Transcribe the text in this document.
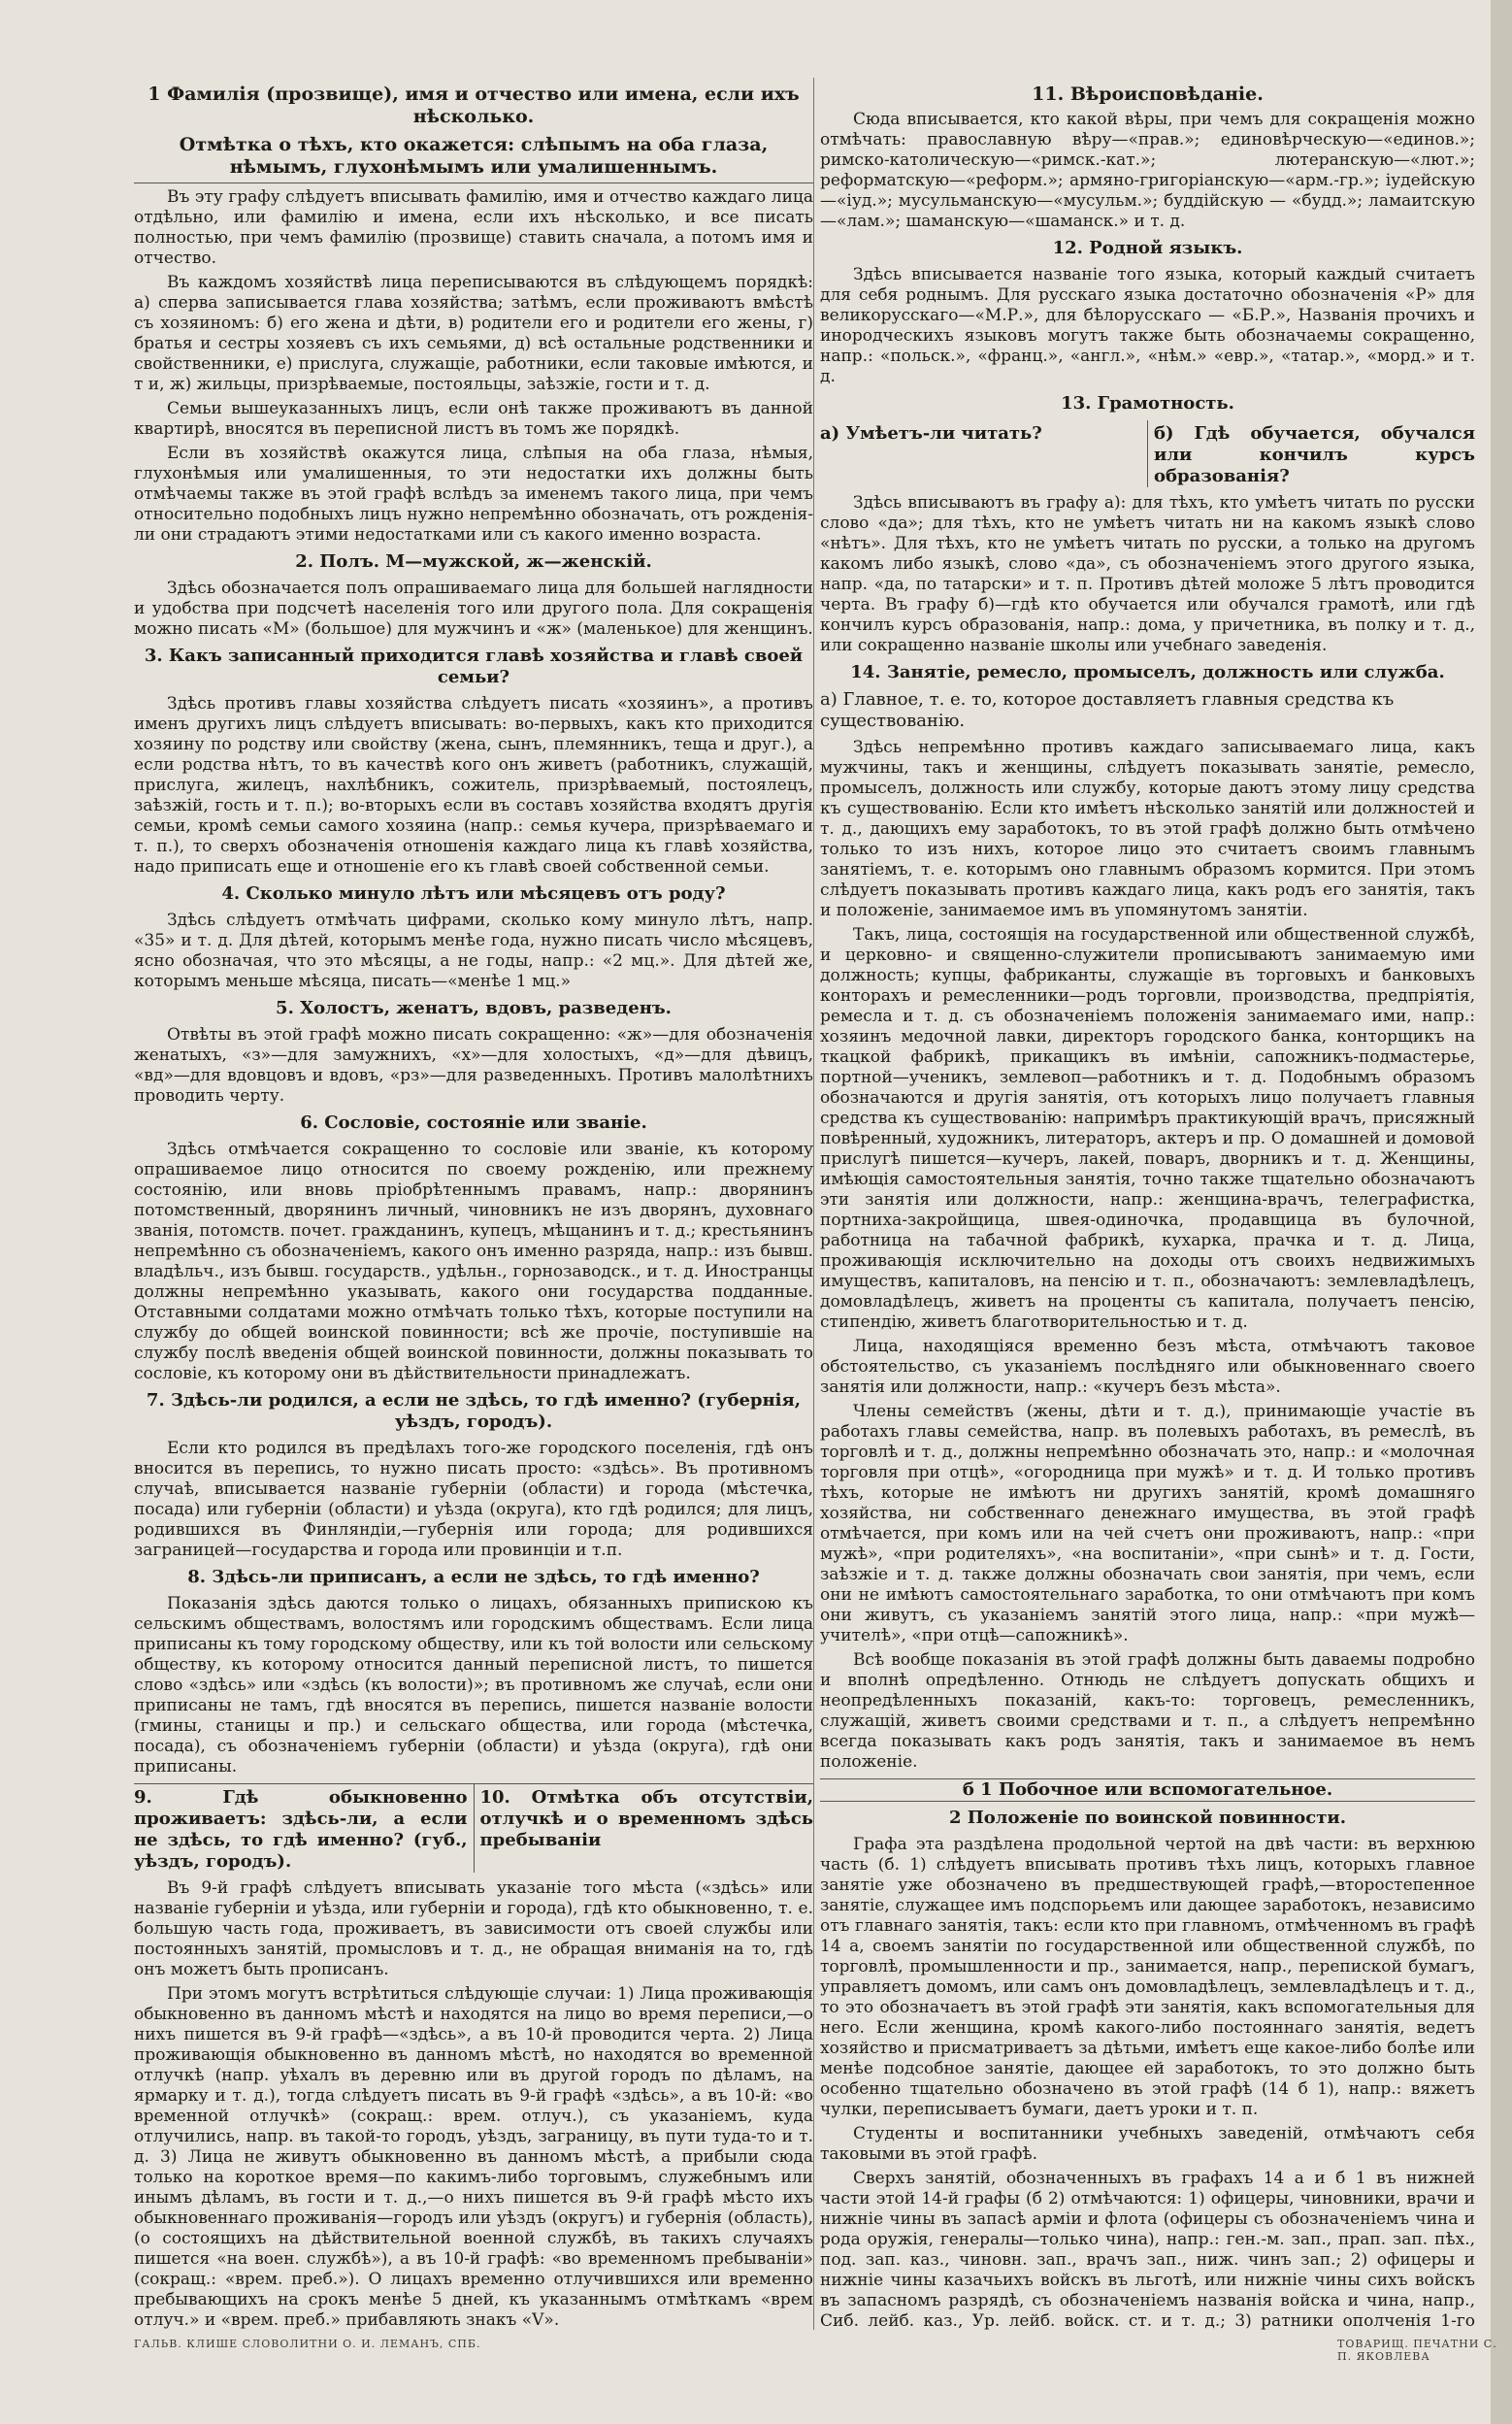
1 Фамилія (прозвище), имя и отчество или имена, если ихъ нѣсколько.
Отмѣтка о тѣхъ, кто окажется: слѣпымъ на оба глаза, нѣмымъ, глухонѣмымъ или умалишеннымъ.

Въ эту графу слѣдуетъ вписывать фамилію, имя и отчество каждаго лица отдѣльно, или фамилію и имена, если ихъ нѣсколько, и все писать полностью, при чемъ фамилію (прозвище) ставить сначала, а потомъ имя и отчество.

Въ каждомъ хозяйствѣ лица переписываются въ слѣдующемъ порядкѣ: а) сперва записывается глава хозяйства; затѣмъ, если проживаютъ вмѣстѣ съ хозяиномъ: б) его жена и дѣти, в) родители его и родители его жены, г) братья и сестры хозяевъ съ ихъ семьями, д) всѣ остальные родственники и свойственники, е) прислуга, служащіе, работники, если таковые имѣются, и т и, ж) жильцы, призрѣваемые, постояльцы, заѣзжіе, гости и т. д.

Семьи вышеуказанныхъ лицъ, если онѣ также проживаютъ въ данной квартирѣ, вносятся въ переписной листъ въ томъ же порядкѣ.

Если въ хозяйствѣ окажутся лица, слѣпыя на оба глаза, нѣмыя, глухонѣмыя или умалишенныя, то эти недостатки ихъ должны быть отмѣчаемы также въ этой графѣ вслѣдъ за именемъ такого лица, при чемъ относительно подобныхъ лицъ нужно непремѣнно обозначать, отъ рожденія-ли они страдаютъ этими недостатками или съ какого именно возраста.

2. Полъ. М—мужской, ж—женскій.

Здѣсь обозначается полъ опрашиваемаго лица для большей наглядности и удобства при подсчетѣ населенія того или другого пола. Для сокращенія можно писать «М» (большое) для мужчинъ и «ж» (маленькое) для женщинъ.

3. Какъ записанный приходится главѣ хозяйства и главѣ своей семьи?

Здѣсь противъ главы хозяйства слѣдуетъ писать «хозяинъ», а противъ именъ другихъ лицъ слѣдуетъ вписывать: во-первыхъ, какъ кто приходится хозяину по родству или свойству (жена, сынъ, племянникъ, теща и друг.), а если родства нѣтъ, то въ качествѣ кого онъ живетъ (работникъ, служащій, прислуга, жилецъ, нахлѣбникъ, сожитель, призрѣваемый, постоялецъ, заѣзжій, гость и т. п.); во-вторыхъ если въ составъ хозяйства входятъ другія семьи, кромѣ семьи самого хозяина (напр.: семья кучера, призрѣваемаго и т. п.), то сверхъ обозначенія отношенія каждаго лица къ главѣ хозяйства, надо приписать еще и отношеніе его къ главѣ своей собственной семьи.

4. Сколько минуло лѣтъ или мѣсяцевъ отъ роду?

Здѣсь слѣдуетъ отмѣчать цифрами, сколько кому минуло лѣтъ, напр. «35» и т. д. Для дѣтей, которымъ менѣе года, нужно писать число мѣсяцевъ, ясно обозначая, что это мѣсяцы, а не годы, напр.: «2 мц.». Для дѣтей же, которымъ меньше мѣсяца, писать—«менѣе 1 мц.»

5. Холостъ, женатъ, вдовъ, разведенъ.

Отвѣты въ этой графѣ можно писать сокращенно: «ж»—для обозначенія женатыхъ, «з»—для замужнихъ, «х»—для холостыхъ, «д»—для дѣвицъ, «вд»—для вдовцовъ и вдовъ, «рз»—для разведенныхъ. Противъ малолѣтнихъ проводить черту.

6. Сословіе, состояніе или званіе.

Здѣсь отмѣчается сокращенно то сословіе или званіе, къ которому опрашиваемое лицо относится по своему рожденію, или прежнему состоянію, или вновь пріобрѣтеннымъ правамъ, напр.: дворянинъ потомственный, дворянинъ личный, чиновникъ не изъ дворянъ, духовнаго званія, потомств. почет. гражданинъ, купецъ, мѣщанинъ и т. д.; крестьянинъ непремѣнно съ обозначеніемъ, какого онъ именно разряда, напр.: изъ бывш. владѣльч., изъ бывш. государств., удѣльн., горнозаводск., и т. д. Иностранцы должны непремѣнно указывать, какого они государства подданные. Отставными солдатами можно отмѣчать только тѣхъ, которые поступили на службу до общей воинской повинности; всѣ же прочіе, поступившіе на службу послѣ введенія общей воинской повинности, должны показывать то сословіе, къ которому они въ дѣйствительности принадлежатъ.

7. Здѣсь-ли родился, а если не здѣсь, то гдѣ именно? (губернія, уѣздъ, городъ).

Если кто родился въ предѣлахъ того-же городского поселенія, гдѣ онъ вносится въ перепись, то нужно писать просто: «здѣсь». Въ противномъ случаѣ, вписывается названіе губерніи (области) и города (мѣстечка, посада) или губерніи (области) и уѣзда (округа), кто гдѣ родился; для лицъ, родившихся въ Финляндіи,—губернія или города; для родившихся заграницей—государства и города или провинціи и т.п.

8. Здѣсь-ли приписанъ, а если не здѣсь, то гдѣ именно?

Показанія здѣсь даются только о лицахъ, обязанныхъ припискою къ сельскимъ обществамъ, волостямъ или городскимъ обществамъ. Если лица приписаны къ тому городскому обществу, или къ той волости или сельскому обществу, къ которому относится данный переписной листъ, то пишется слово «здѣсь» или «здѣсь (къ волости)»; въ противномъ же случаѣ, если они приписаны не тамъ, гдѣ вносятся въ перепись, пишется названіе волости (гмины, станицы и пр.) и сельскаго общества, или города (мѣстечка, посада), съ обозначеніемъ губерніи (области) и уѣзда (округа), гдѣ они приписаны.

9. Гдѣ обыкновенно проживаетъ: здѣсь-ли, а если не здѣсь, то гдѣ именно? (губ., уѣздъ, городъ).
10. Отмѣтка объ отсутствіи, отлучкѣ и о временномъ здѣсь пребываніи

Въ 9-й графѣ слѣдуетъ вписывать указаніе того мѣста («здѣсь» или названіе губерніи и уѣзда, или губерніи и города), гдѣ кто обыкновенно, т. е. большую часть года, проживаетъ, въ зависимости отъ своей службы или постоянныхъ занятій, промысловъ и т. д., не обращая вниманія на то, гдѣ онъ можетъ быть прописанъ.

При этомъ могутъ встрѣтиться слѣдующіе случаи: 1) Лица проживающія обыкновенно въ данномъ мѣстѣ и находятся на лицо во время переписи,—о нихъ пишется въ 9-й графѣ—«здѣсь», а въ 10-й проводится черта. 2) Лица проживающія обыкновенно въ данномъ мѣстѣ, но находятся во временной отлучкѣ (напр. уѣхалъ въ деревню или въ другой городъ по дѣламъ, на ярмарку и т. д.), тогда слѣдуетъ писать въ 9-й графѣ «здѣсь», а въ 10-й: «во временной отлучкѣ» (сокращ.: врем. отлуч.), съ указаніемъ, куда отлучились, напр. въ такой-то городъ, уѣздъ, заграницу, въ пути туда-то и т. д. 3) Лица не живутъ обыкновенно въ данномъ мѣстѣ, а прибыли сюда только на короткое время—по какимъ-либо торговымъ, служебнымъ или инымъ дѣламъ, въ гости и т. д.,—о нихъ пишется въ 9-й графѣ мѣсто ихъ обыкновеннаго проживанія—городъ или уѣздъ (округъ) и губернія (область), (о состоящихъ на дѣйствительной военной службѣ, въ такихъ случаяхъ пишется «на воен. службѣ»), а въ 10-й графѣ: «во временномъ пребываніи» (сокращ.: «врем. преб.»). О лицахъ временно отлучившихся или временно пребывающихъ на срокъ менѣе 5 дней, къ указаннымъ отмѣткамъ «врем отлуч.» и «врем. преб.» прибавляють знакъ «V».

11. Вѣроисповѣданіе.

Сюда вписывается, кто какой вѣры, при чемъ для сокращенія можно отмѣчать: православную вѣру—«прав.»; единовѣрческую—«единов.»; римско-католическую—«римск.-кат.»; лютеранскую—«лют.»; реформатскую—«реформ.»; армяно-григоріанскую—«арм.-гр.»; іудейскую—«іуд.»; мусульманскую—«мусульм.»; буддійскую — «будд.»; ламаитскую—«лам.»; шаманскую—«шаманск.» и т. д.

12. Родной языкъ.

Здѣсь вписывается названіе того языка, который каждый считаетъ для себя роднымъ. Для русскаго языка достаточно обозначенія «Р» для великорусскаго—«М.Р.», для бѣлорусскаго — «Б.Р.», Названія прочихъ и инородческихъ языковъ могутъ также быть обозначаемы сокращенно, напр.: «польск.», «франц.», «англ.», «нѣм.» «евр.», «татар.», «морд.» и т. д.

13. Грамотность.
а) Умѣетъ-ли читать?	б) Гдѣ обучается, обучался или кончилъ курсъ образованія?

Здѣсь вписываютъ въ графу а): для тѣхъ, кто умѣетъ читать по русски слово «да»; для тѣхъ, кто не умѣетъ читать ни на какомъ языкѣ слово «нѣтъ». Для тѣхъ, кто не умѣетъ читать по русски, а только на другомъ какомъ либо языкѣ, слово «да», съ обозначеніемъ этого другого языка, напр. «да, по татарски» и т. п. Противъ дѣтей моложе 5 лѣтъ проводится черта. Въ графу б)—гдѣ кто обучается или обучался грамотѣ, или гдѣ кончилъ курсъ образованія, напр.: дома, у причетника, въ полку и т. д., или сокращенно названіе школы или учебнаго заведенія.

14. Занятіе, ремесло, промыселъ, должность или служба.
а) Главное, т. е. то, которое доставляетъ главныя средства къ существованію.

Здѣсь непремѣнно противъ каждаго записываемаго лица, какъ мужчины, такъ и женщины, слѣдуетъ показывать занятіе, ремесло, промыселъ, должность или службу, которые даютъ этому лицу средства къ существованію. Если кто имѣетъ нѣсколько занятій или должностей и т. д., дающихъ ему заработокъ, то въ этой графѣ должно быть отмѣчено только то изъ нихъ, которое лицо это считаетъ своимъ главнымъ занятіемъ, т. е. которымъ оно главнымъ образомъ кормится. При этомъ слѣдуетъ показывать противъ каждаго лица, какъ родъ его занятія, такъ и положеніе, занимаемое имъ въ упомянутомъ занятіи.

Такъ, лица, состоящія на государственной или общественной службѣ, и церковно- и священно-служители прописываютъ занимаемую ими должность; купцы, фабриканты, служащіе въ торговыхъ и банковыхъ конторахъ и ремесленники—родъ торговли, производства, предпріятія, ремесла и т. д. съ обозначеніемъ положенія занимаемаго ими, напр.: хозяинъ медочной лавки, директоръ городского банка, конторщикъ на ткацкой фабрикѣ, прикащикъ въ имѣніи, сапожникъ-подмастерье, портной—ученикъ, землевоп—работникъ и т. д. Подобнымъ образомъ обозначаются и другія занятія, отъ которыхъ лицо получаетъ главныя средства къ существованію: напримѣръ практикующій врачъ, присяжный повѣренный, художникъ, литераторъ, актеръ и пр. О домашней и домовой прислугѣ пишется—кучеръ, лакей, поваръ, дворникъ и т. д. Женщины, имѣющія самостоятельныя занятія, точно также тщательно обозначаютъ эти занятія или должности, напр.: женщина-врачъ, телеграфистка, портниха-закройщица, швея-одиночка, продавщица въ булочной, работница на табачной фабрикѣ, кухарка, прачка и т. д. Лица, проживающія исключительно на доходы отъ своихъ недвижимыхъ имуществъ, капиталовъ, на пенсію и т. п., обозначаютъ: землевладѣлецъ, домовладѣлецъ, живетъ на проценты съ капитала, получаетъ пенсію, стипендію, живетъ благотворительностью и т. д.

Лица, находящіяся временно безъ мѣста, отмѣчаютъ таковое обстоятельство, съ указаніемъ послѣдняго или обыкновеннаго своего занятія или должности, напр.: «кучеръ безъ мѣста».

Члены семействъ (жены, дѣти и т. д.), принимающіе участіе въ работахъ главы семейства, напр. въ полевыхъ работахъ, въ ремеслѣ, въ торговлѣ и т. д., должны непремѣнно обозначать это, напр.: и «молочная торговля при отцѣ», «огородница при мужѣ» и т. д. И только противъ тѣхъ, которые не имѣютъ ни другихъ занятій, кромѣ домашняго хозяйства, ни собственнаго денежнаго имущества, въ этой графѣ отмѣчается, при комъ или на чей счетъ они проживаютъ, напр.: «при мужѣ», «при родителяхъ», «на воспитаніи», «при сынѣ» и т. д. Гости, заѣзжіе и т. д. также должны обозначать свои занятія, при чемъ, если они не имѣютъ самостоятельнаго заработка, то они отмѣчаютъ при комъ они живутъ, съ указаніемъ занятій этого лица, напр.: «при мужѣ—учителѣ», «при отцѣ—сапожникѣ».

Всѣ вообще показанія въ этой графѣ должны быть даваемы подробно и вполнѣ опредѣленно. Отнюдь не слѣдуетъ допускать общихъ и неопредѣленныхъ показаній, какъ-то: торговецъ, ремесленникъ, служащій, живетъ своими средствами и т. п., а слѣдуетъ непремѣнно всегда показывать какъ родъ занятія, такъ и занимаемое въ немъ положеніе.

б 1 Побочное или вспомогательное.
2 Положеніе по воинской повинности.

Графа эта раздѣлена продольной чертой на двѣ части: въ верхнюю часть (б. 1) слѣдуетъ вписывать противъ тѣхъ лицъ, которыхъ главное занятіе уже обозначено въ предшествующей графѣ,—второстепенное занятіе, служащее имъ подспорьемъ или дающее заработокъ, независимо отъ главнаго занятія, такъ: если кто при главномъ, отмѣченномъ въ графѣ 14 а, своемъ занятіи по государственной или общественной службѣ, по торговлѣ, промышленности и пр., занимается, напр., перепиской бумагъ, управляетъ домомъ, или самъ онъ домовладѣлецъ, землевладѣлецъ и т. д., то это обозначаетъ въ этой графѣ эти занятія, какъ вспомогательныя для него. Если женщина, кромѣ какого-либо постояннаго занятія, ведетъ хозяйство и присматриваетъ за дѣтьми, имѣетъ еще какое-либо болѣе или менѣе подсобное занятіе, дающее ей заработокъ, то это должно быть особенно тщательно обозначено въ этой графѣ (14 б 1), напр.: вяжетъ чулки, переписываетъ бумаги, даетъ уроки и т. п.

Студенты и воспитанники учебныхъ заведеній, отмѣчаютъ себя таковыми въ этой графѣ.

Сверхъ занятій, обозначенныхъ въ графахъ 14 а и б 1 въ нижней части этой 14-й графы (б 2) отмѣчаются: 1) офицеры, чиновники, врачи и нижніе чины въ запасѣ арміи и флота (офицеры съ обозначеніемъ чина и рода оружія, генералы—только чина), напр.: ген.-м. зап., прап. зап. пѣх., под. зап. каз., чиновн. зап., врачъ зап., ниж. чинъ зап.; 2) офицеры и нижніе чины казачьихъ войскъ въ льготѣ, или нижніе чины сихъ войскъ въ запасномъ разрядѣ, съ обозначеніемъ названія войска и чина, напр., Сиб. лейб. каз., Ур. лейб. войск. ст. и т. д.; 3) ратники ополченія 1-го

ГАЛЬВ. КЛИШЕ СЛОВОЛИТНИ О. И. ЛЕМАНЪ, СПБ.	ТОВАРИЩ. ПЕЧАТНИ С. П. ЯКОВЛЕВА
